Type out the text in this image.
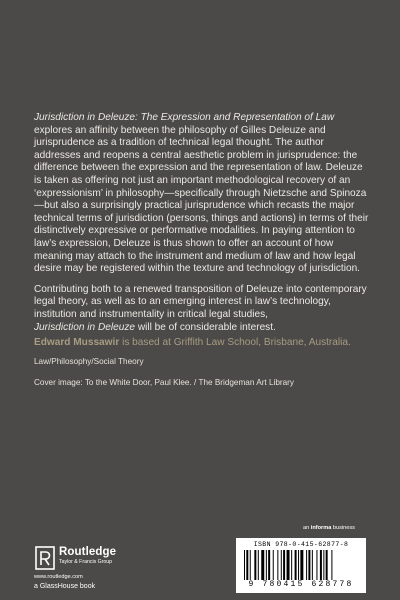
Jurisdiction in Deleuze: The Expression and Representation of Law
explores an affinity between the philosophy of Gilles Deleuze and jurisprudence as a tradition of technical legal thought. The author addresses and reopens a central aesthetic problem in jurisprudence: the difference between the expression and the representation of law. Deleuze is taken as offering not just an important methodological recovery of an ‘expressionism’ in philosophy—specifically through Nietzsche and Spinoza—but also a surprisingly practical jurisprudence which recasts the major technical terms of jurisdiction (persons, things and actions) in terms of their distinctively expressive or performative modalities. In paying attention to law’s expression, Deleuze is thus shown to offer an account of how meaning may attach to the instrument and medium of law and how legal desire may be registered within the texture and technology of jurisdiction.

Contributing both to a renewed transposition of Deleuze into contemporary legal theory, as well as to an emerging interest in law’s technology, institution and instrumentality in critical legal studies,
Jurisdiction in Deleuze will be of considerable interest.

Edward Mussawir is based at Griffith Law School, Brisbane, Australia.
Law/Philosophy/Social Theory
Cover image: To the White Door, Paul Klee. / The Bridgeman Art Library
Routledge
Taylor & Francis Group
www.routledge.com
a GlassHouse book
an informa business
ISBN 978-0-415-62877-8
9 780415 628778
